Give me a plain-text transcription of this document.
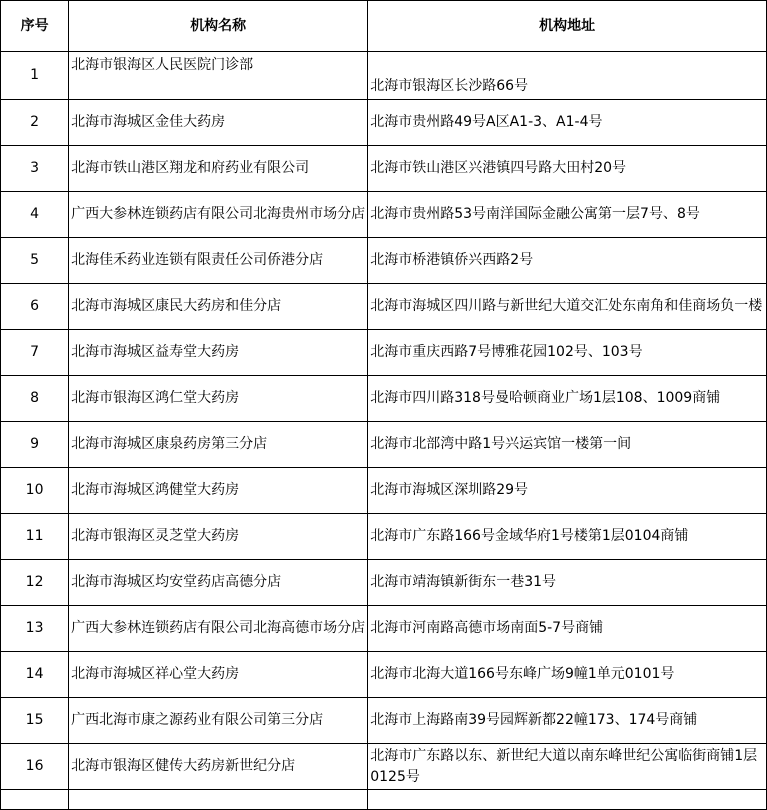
序号	机构名称	机构地址
1	北海市银海区人民医院门诊部	北海市银海区长沙路66号
2	北海市海城区金佳大药房	北海市贵州路49号A区A1-3、A1-4号
3	北海市铁山港区翔龙和府药业有限公司	北海市铁山港区兴港镇四号路大田村20号
4	广西大参林连锁药店有限公司北海贵州市场分店	北海市贵州路53号南洋国际金融公寓第一层7号、8号
5	北海佳禾药业连锁有限责任公司侨港分店	北海市桥港镇侨兴西路2号
6	北海市海城区康民大药房和佳分店	北海市海城区四川路与新世纪大道交汇处东南角和佳商场负一楼
7	北海市海城区益寿堂大药房	北海市重庆西路7号博雅花园102号、103号
8	北海市银海区鸿仁堂大药房	北海市四川路318号曼哈顿商业广场1层108、1009商铺
9	北海市海城区康泉药房第三分店	北海市北部湾中路1号兴运宾馆一楼第一间
10	北海市海城区鸿健堂大药房	北海市海城区深圳路29号
11	北海市银海区灵芝堂大药房	北海市广东路166号金域华府1号楼第1层0104商铺
12	北海市海城区均安堂药店高德分店	北海市靖海镇新街东一巷31号
13	广西大参林连锁药店有限公司北海高德市场分店	北海市河南路高德市场南面5-7号商铺
14	北海市海城区祥心堂大药房	北海市北海大道166号东峰广场9幢1单元0101号
15	广西北海市康之源药业有限公司第三分店	北海市上海路南39号园辉新都22幢173、174号商铺
16	北海市银海区健传大药房新世纪分店	北海市广东路以东、新世纪大道以南东峰世纪公寓临街商铺1层0125号
